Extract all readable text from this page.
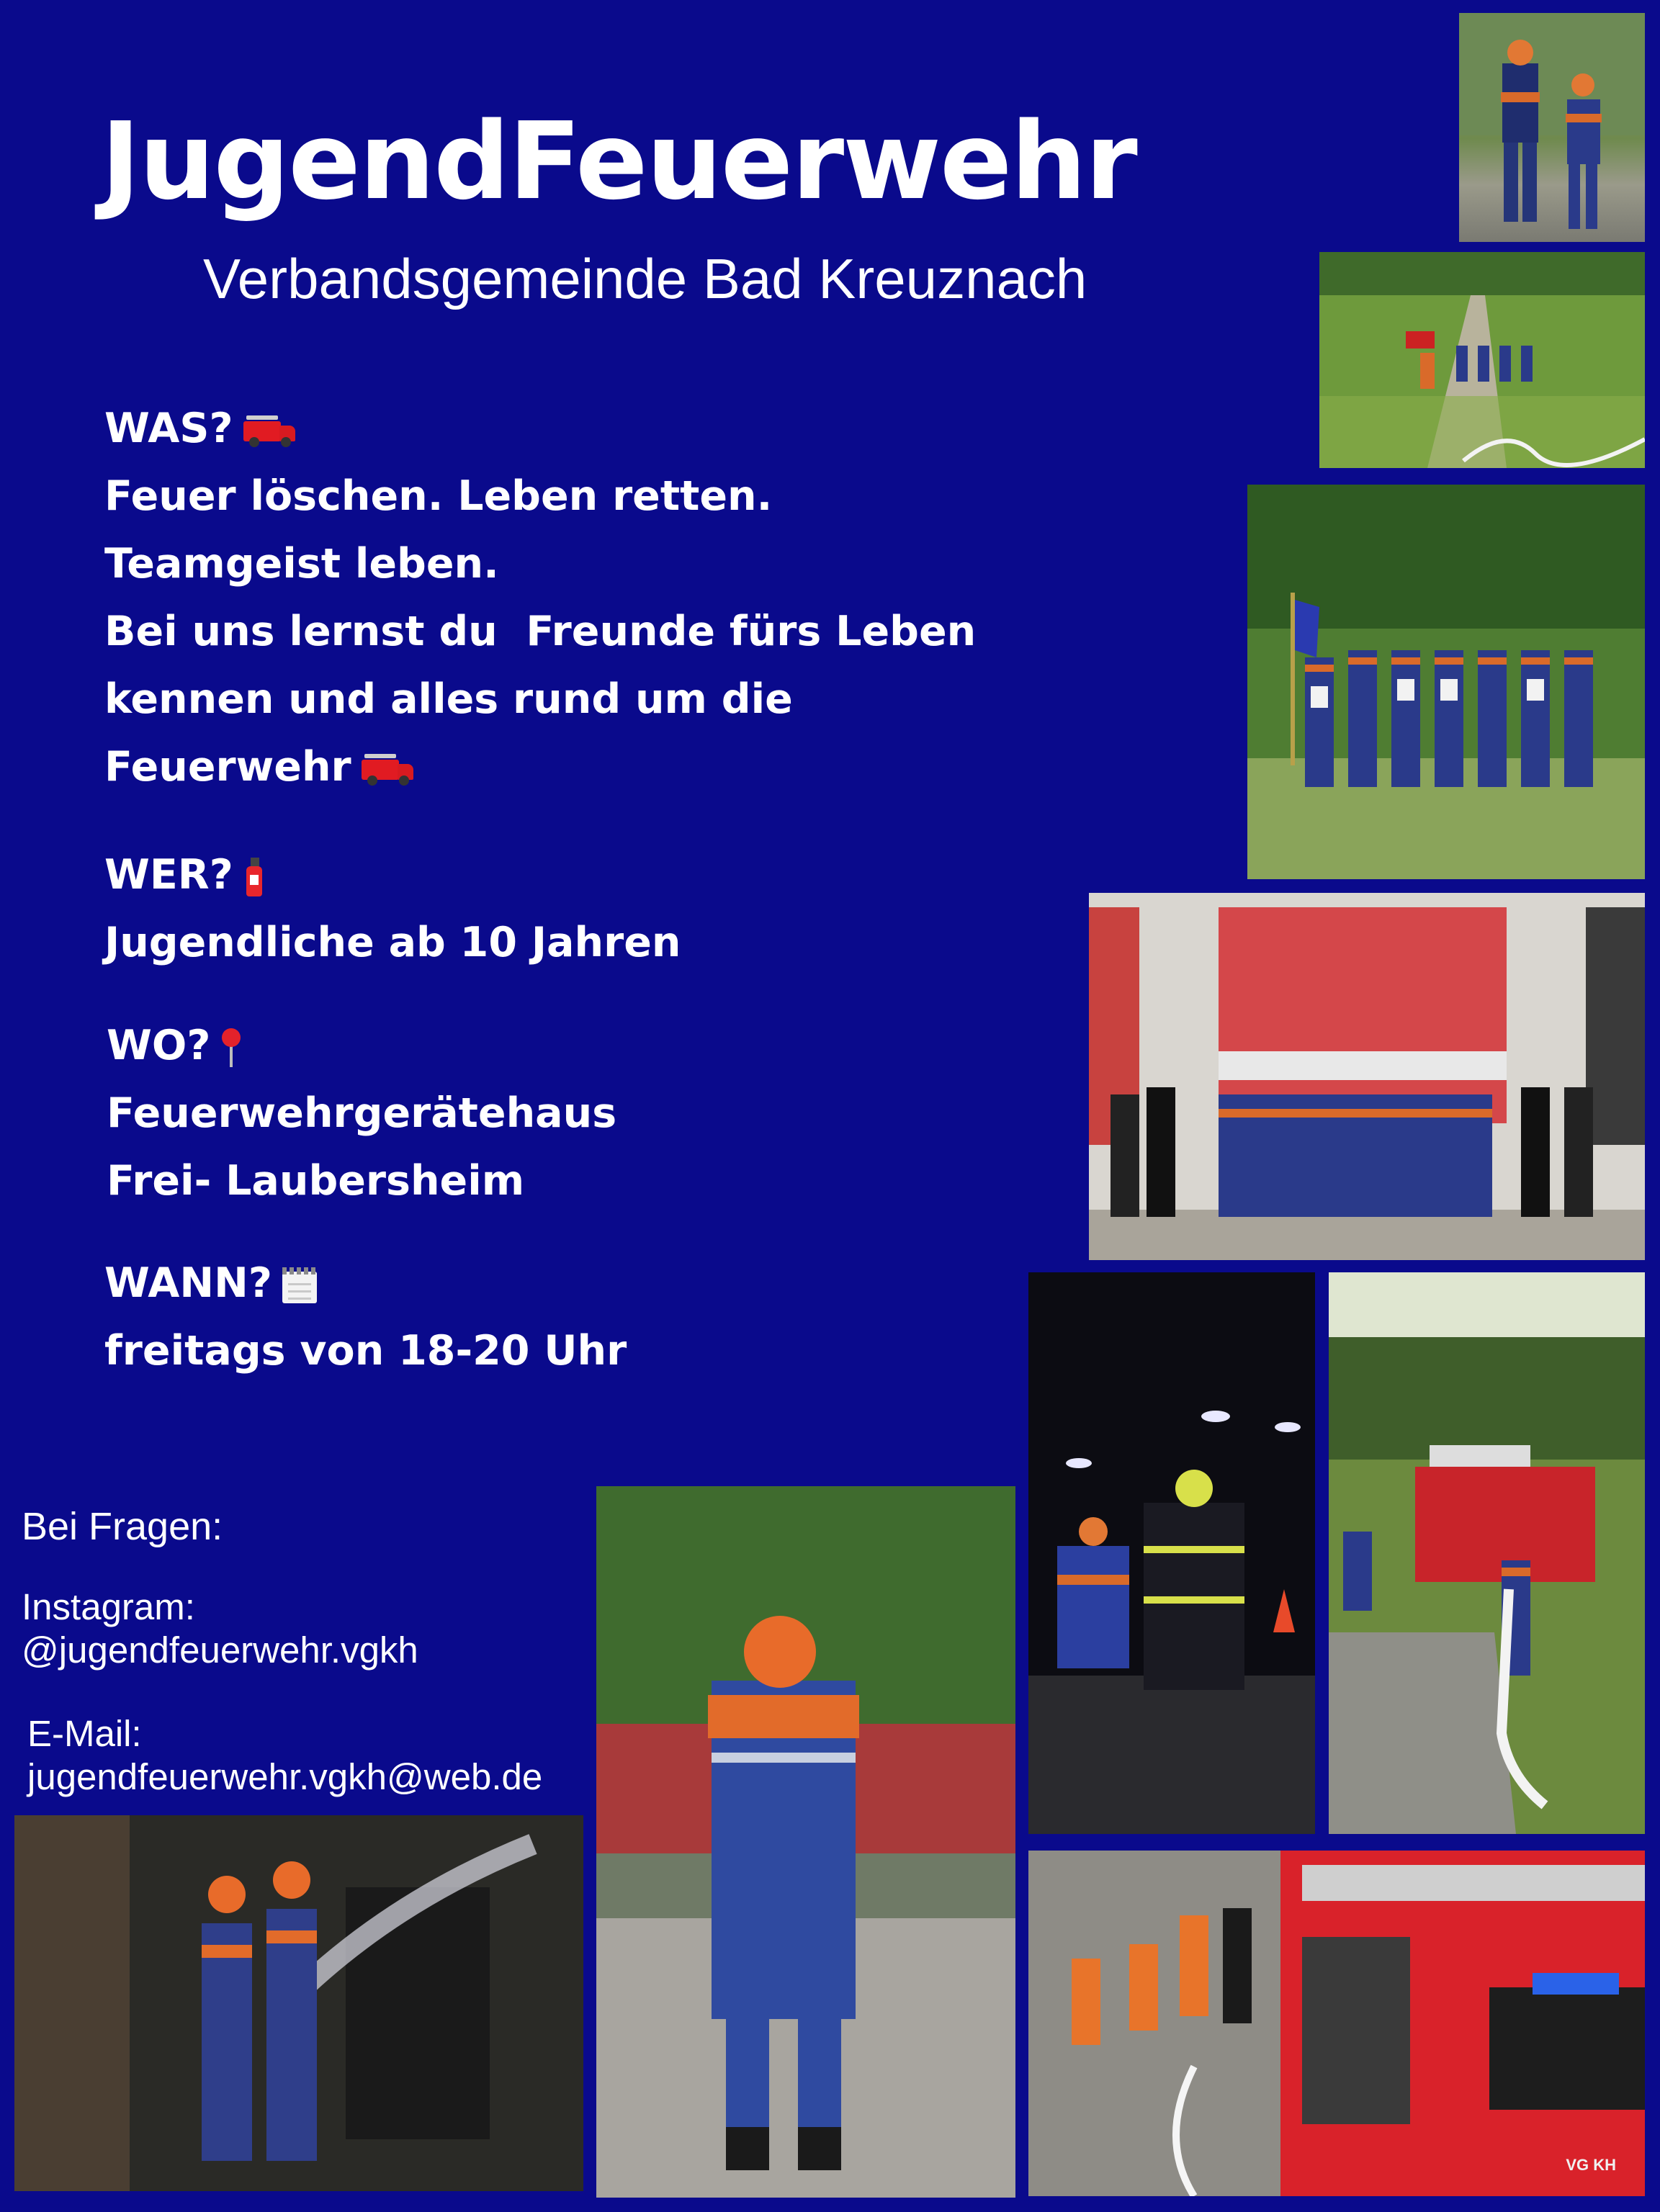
JugendFeuerwehr
Verbandsgemeinde Bad Kreuznach
WAS?
Feuer löschen. Leben retten.
Teamgeist leben.
Bei uns lernst du  Freunde fürs Leben
kennen und alles rund um die
Feuerwehr
WER?
Jugendliche ab 10 Jahren
WO?
Feuerwehrgerätehaus
Frei- Laubersheim
WANN?
freitags von 18-20 Uhr
Bei Fragen:
Instagram:
@jugendfeuerwehr.vgkh
E-Mail:
jugendfeuerwehr.vgkh@web.de
VG KH
